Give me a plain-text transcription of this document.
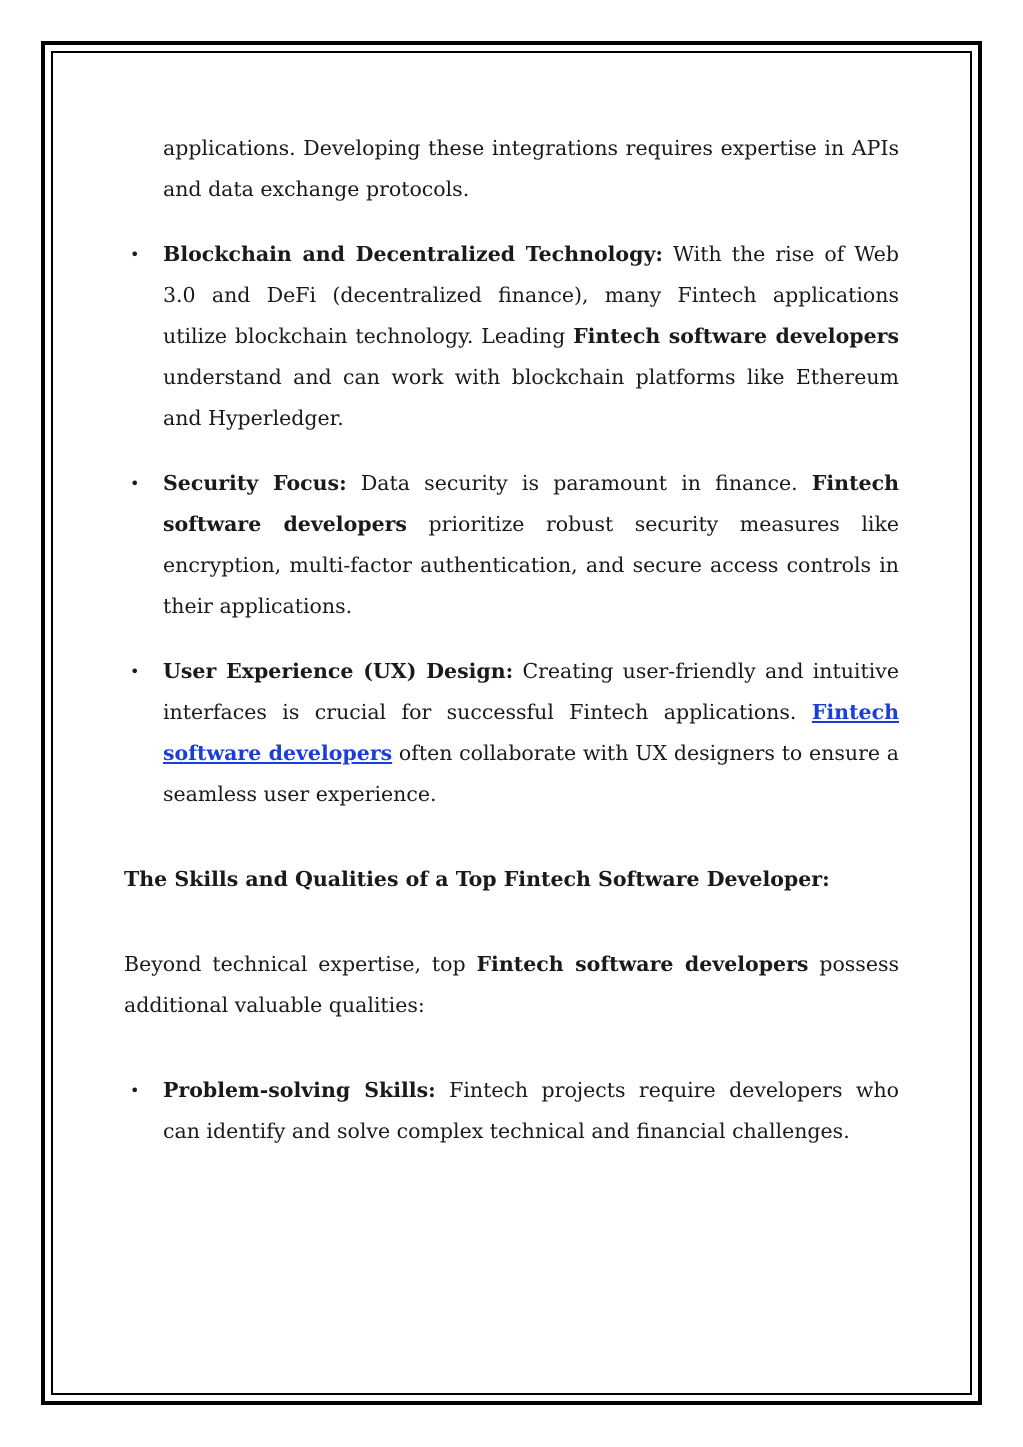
applications. Developing these integrations requires expertise in APIs and data exchange protocols.

• Blockchain and Decentralized Technology: With the rise of Web 3.0 and DeFi (decentralized finance), many Fintech applications utilize blockchain technology. Leading Fintech software developers understand and can work with blockchain platforms like Ethereum and Hyperledger.

• Security Focus: Data security is paramount in finance. Fintech software developers prioritize robust security measures like encryption, multi-factor authentication, and secure access controls in their applications.

• User Experience (UX) Design: Creating user-friendly and intuitive interfaces is crucial for successful Fintech applications. Fintech software developers often collaborate with UX designers to ensure a seamless user experience.

The Skills and Qualities of a Top Fintech Software Developer:

Beyond technical expertise, top Fintech software developers possess additional valuable qualities:

• Problem-solving Skills: Fintech projects require developers who can identify and solve complex technical and financial challenges.
